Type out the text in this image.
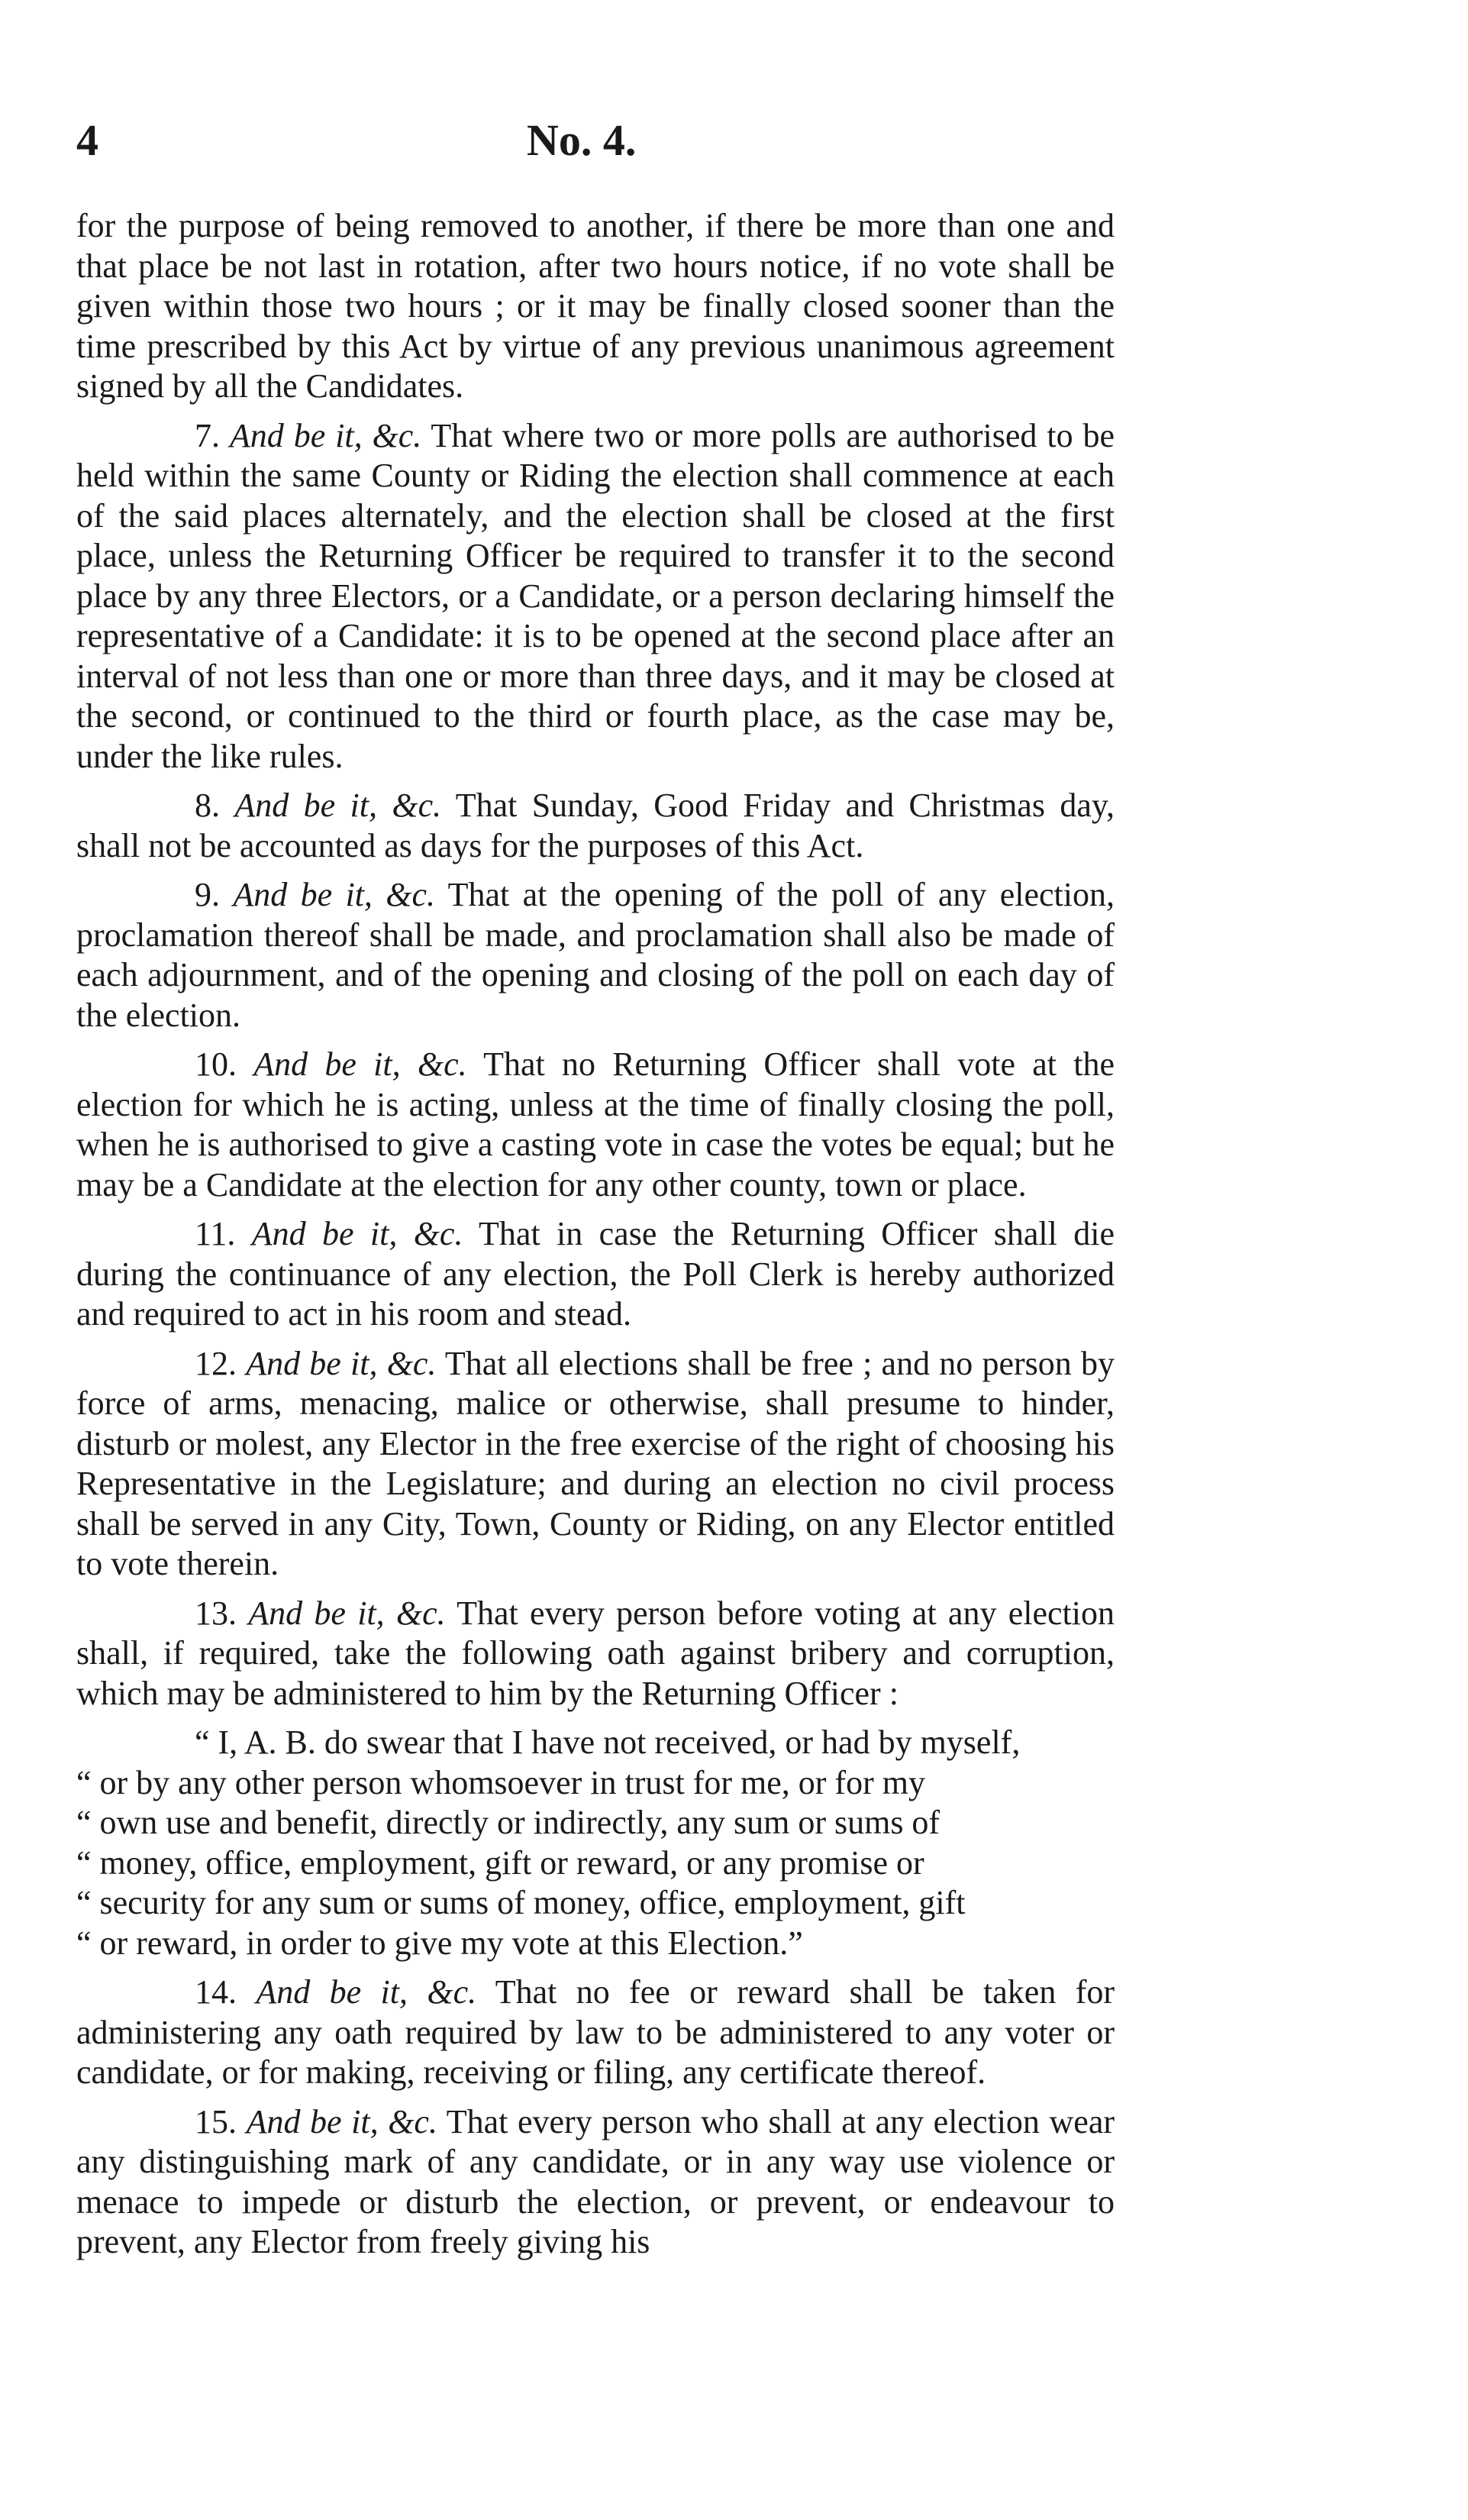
4	No. 4.

for the purpose of being removed to another, if there be more than one and that place be not last in rotation, after two hours notice, if no vote shall be given within those two hours ; or it may be finally closed sooner than the time prescribed by this Act by virtue of any previous unanimous agreement signed by all the Candidates.

7. And be it, &c. That where two or more polls are authorised to be held within the same County or Riding the election shall commence at each of the said places alternately, and the election shall be closed at the first place, unless the Returning Officer be required to transfer it to the second place by any three Electors, or a Candidate, or a person declaring himself the representative of a Candidate: it is to be opened at the second place after an interval of not less than one or more than three days, and it may be closed at the second, or continued to the third or fourth place, as the case may be, under the like rules.

8. And be it, &c. That Sunday, Good Friday and Christmas day, shall not be accounted as days for the purposes of this Act.

9. And be it, &c. That at the opening of the poll of any election, proclamation thereof shall be made, and proclamation shall also be made of each adjournment, and of the opening and closing of the poll on each day of the election.

10. And be it, &c. That no Returning Officer shall vote at the election for which he is acting, unless at the time of finally closing the poll, when he is authorised to give a casting vote in case the votes be equal; but he may be a Candidate at the election for any other county, town or place.

11. And be it, &c. That in case the Returning Officer shall die during the continuance of any election, the Poll Clerk is hereby authorized and required to act in his room and stead.

12. And be it, &c. That all elections shall be free ; and no person by force of arms, menacing, malice or otherwise, shall presume to hinder, disturb or molest, any Elector in the free exercise of the right of choosing his Representative in the Legislature; and during an election no civil process shall be served in any City, Town, County or Riding, on any Elector entitled to vote therein.

13. And be it, &c. That every person before voting at any election shall, if required, take the following oath against bribery and corruption, which may be administered to him by the Returning Officer :

“ I, A. B. do swear that I have not received, or had by myself,
“ or by any other person whomsoever in trust for me, or for my
“ own use and benefit, directly or indirectly, any sum or sums of
“ money, office, employment, gift or reward, or any promise or
“ security for any sum or sums of money, office, employment, gift
“ or reward, in order to give my vote at this Election.”

14. And be it, &c. That no fee or reward shall be taken for administering any oath required by law to be administered to any voter or candidate, or for making, receiving or filing, any certificate thereof.

15. And be it, &c. That every person who shall at any election wear any distinguishing mark of any candidate, or in any way use violence or menace to impede or disturb the election, or prevent, or endeavour to prevent, any Elector from freely giving his
